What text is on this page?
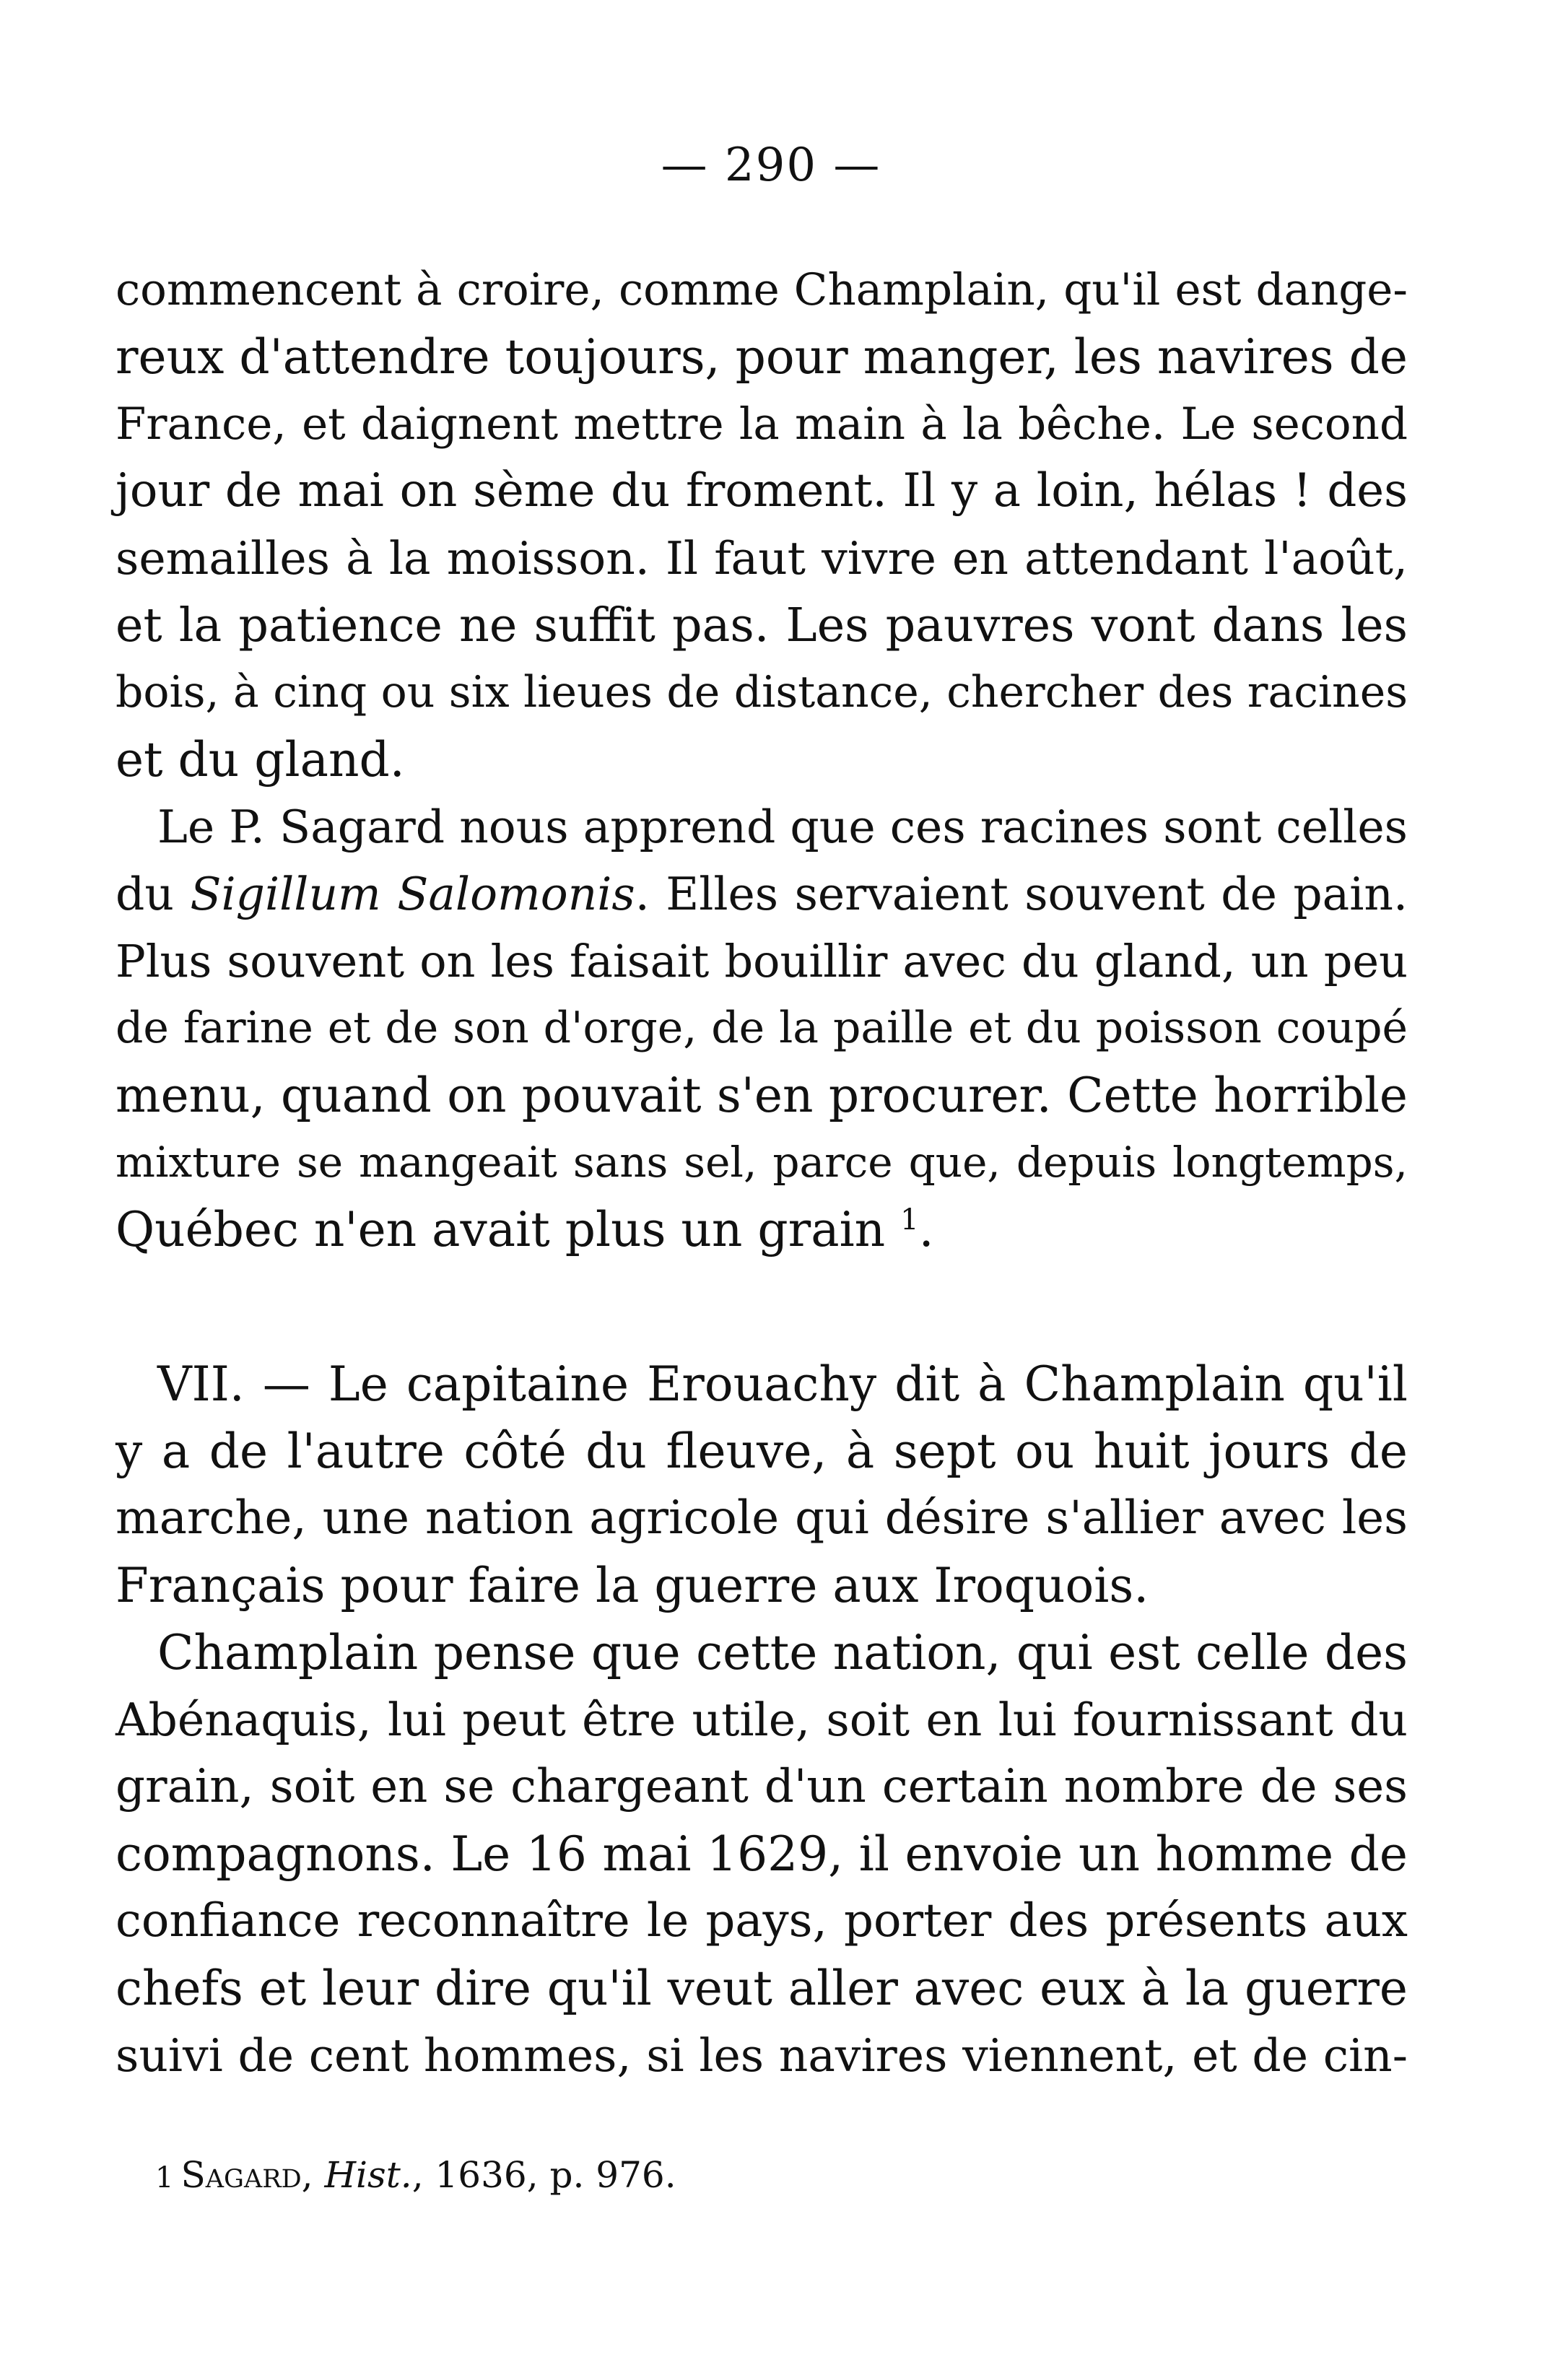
— 290 —
commencent à croire, comme Champlain, qu'il est dange-
reux d'attendre toujours, pour manger, les navires de
France, et daignent mettre la main à la bêche. Le second
jour de mai on sème du froment. Il y a loin, hélas ! des
semailles à la moisson. Il faut vivre en attendant l'août,
et la patience ne suffit pas. Les pauvres vont dans les
bois, à cinq ou six lieues de distance, chercher des racines
et du gland.
Le P. Sagard nous apprend que ces racines sont celles
du Sigillum Salomonis. Elles servaient souvent de pain.
Plus souvent on les faisait bouillir avec du gland, un peu
de farine et de son d'orge, de la paille et du poisson coupé
menu, quand on pouvait s'en procurer. Cette horrible
mixture se mangeait sans sel, parce que, depuis longtemps,
Québec n'en avait plus un grain $^1$.
VII. — Le capitaine Erouachy dit à Champlain qu'il
y a de l'autre côté du fleuve, à sept ou huit jours de
marche, une nation agricole qui désire s'allier avec les
Français pour faire la guerre aux Iroquois.
Champlain pense que cette nation, qui est celle des
Abénaquis, lui peut être utile, soit en lui fournissant du
grain, soit en se chargeant d'un certain nombre de ses
compagnons. Le 16 mai 1629, il envoie un homme de
confiance reconnaître le pays, porter des présents aux
chefs et leur dire qu'il veut aller avec eux à la guerre
suivi de cent hommes, si les navires viennent, et de cin-
$^1$ Sagard, Hist., 1636, p. 976.
